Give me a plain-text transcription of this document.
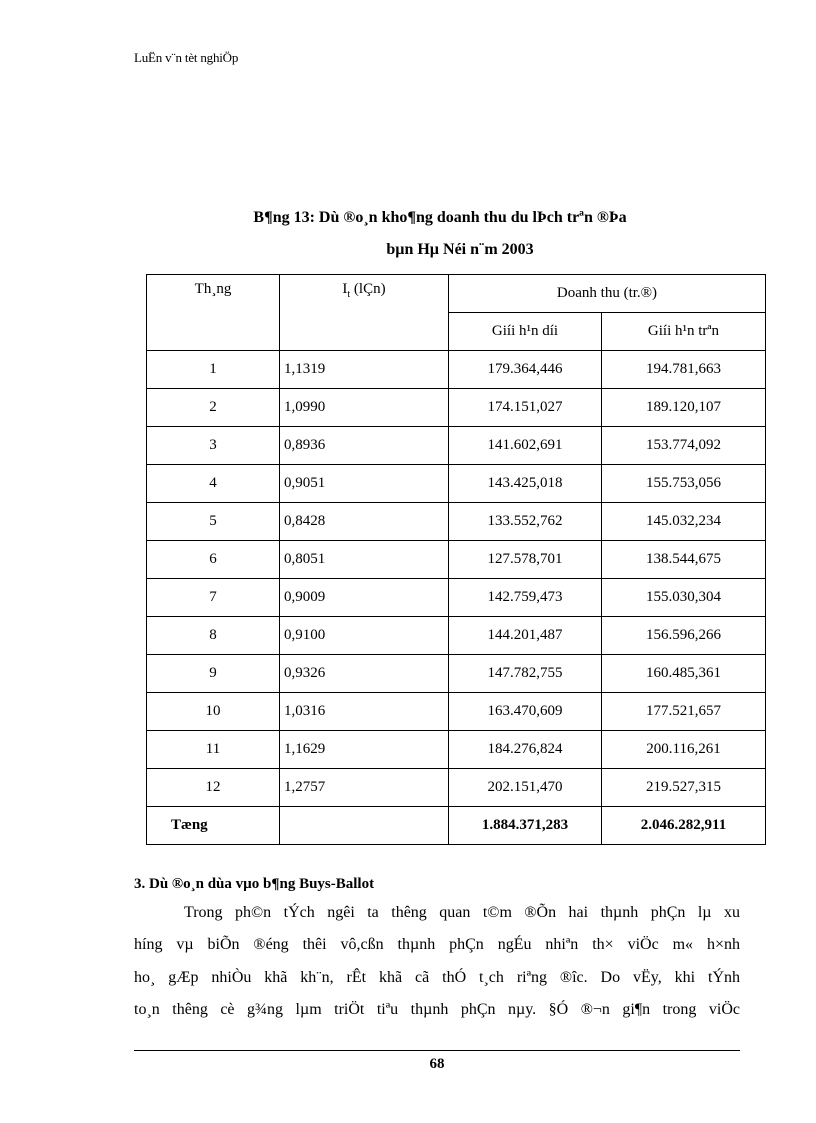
LuËn v¨n tèt nghiÖp
B¶ng 13: Dù ®o¸n kho¶ng doanh thu du lÞch trªn ®Þa
bµn Hµ Néi n¨m 2003
Th¸ng	$I_t$ (lÇn)	Doanh thu (tr.®)	
		Giíi h¹n díi	Giíi h¹n trªn
1	1,1319	179.364,446	194.781,663
2	1,0990	174.151,027	189.120,107
3	0,8936	141.602,691	153.774,092
4	0,9051	143.425,018	155.753,056
5	0,8428	133.552,762	145.032,234
6	0,8051	127.578,701	138.544,675
7	0,9009	142.759,473	155.030,304
8	0,9100	144.201,487	156.596,266
9	0,9326	147.782,755	160.485,361
10	1,0316	163.470,609	177.521,657
11	1,1629	184.276,824	200.116,261
12	1,2757	202.151,470	219.527,315
Tæng		1.884.371,283	2.046.282,911
3. Dù ®o¸n dùa vµo b¶ng Buys-Ballot
Trong ph©n tÝch ngêi ta thêng quan t©m ®Õn hai thµnh phÇn lµ xu
híng vµ biÕn ®éng thêi vô,cßn thµnh phÇn ngÉu nhiªn th× viÖc m« h×nh
ho¸ gÆp nhiÒu khã kh¨n, rÊt khã cã thÓ t¸ch riªng ®îc. Do vËy, khi tÝnh
to¸n thêng cè g¾ng lµm triÖt tiªu thµnh phÇn nµy. §Ó ®¬n gi¶n trong viÖc
68
